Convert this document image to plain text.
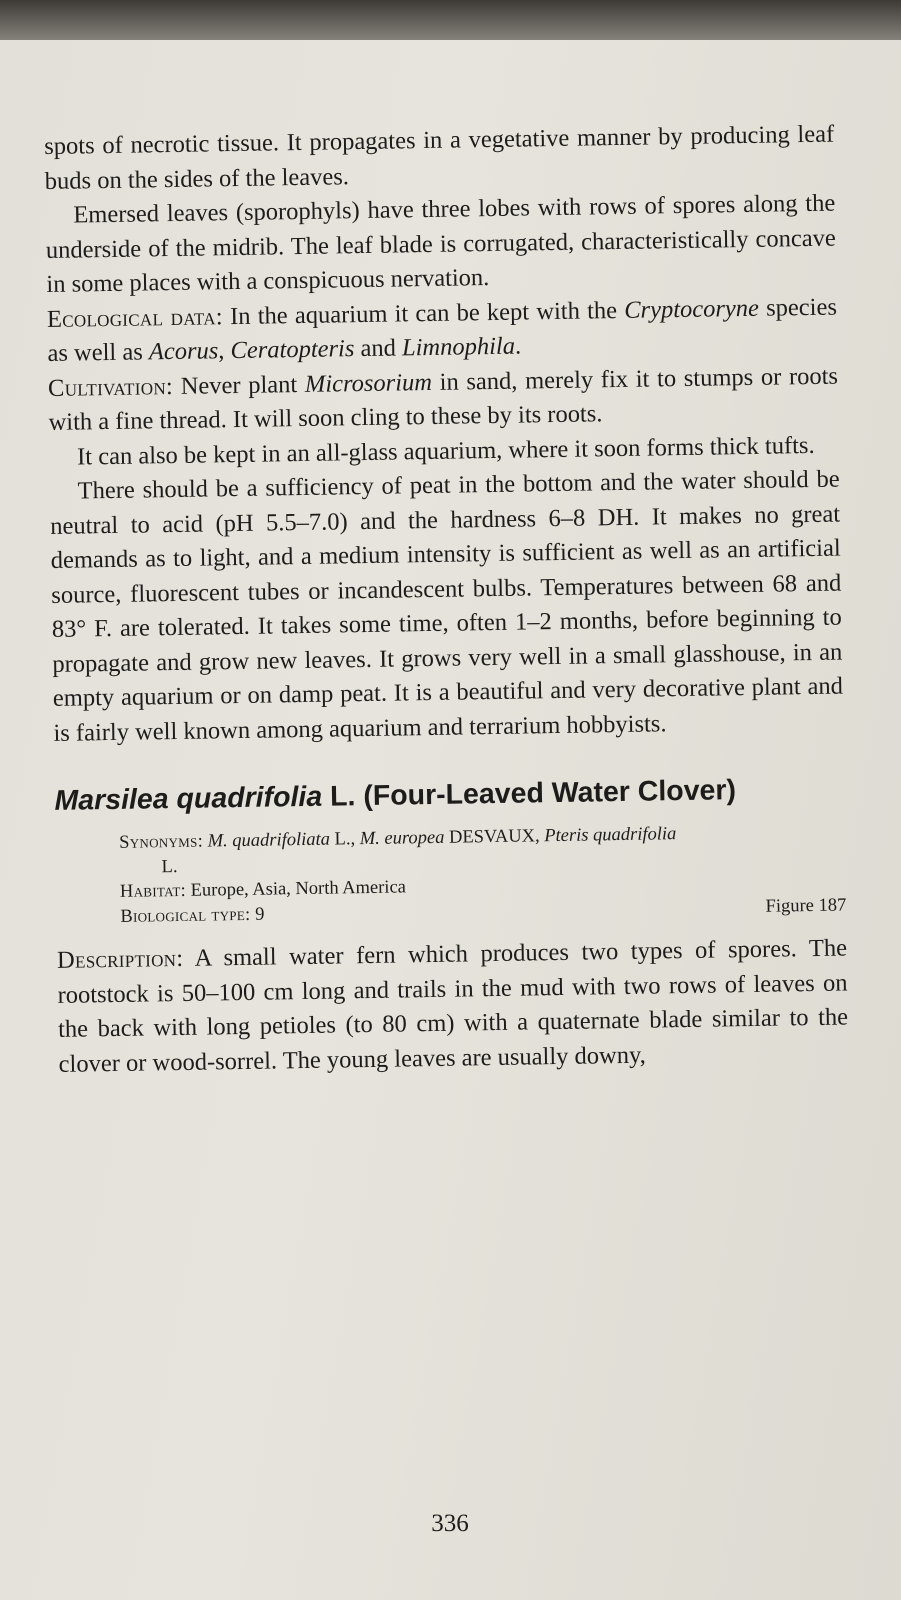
spots of necrotic tissue. It propagates in a vegetative manner by producing leaf buds on the sides of the leaves.

Emersed leaves (sporophyls) have three lobes with rows of spores along the underside of the midrib. The leaf blade is corrugated, characteristically concave in some places with a conspicuous nervation.

Ecological data: In the aquarium it can be kept with the Cryptocoryne species as well as Acorus, Ceratopteris and Limnophila.

Cultivation: Never plant Microsorium in sand, merely fix it to stumps or roots with a fine thread. It will soon cling to these by its roots.

It can also be kept in an all-glass aquarium, where it soon forms thick tufts.

There should be a sufficiency of peat in the bottom and the water should be neutral to acid (pH 5.5–7.0) and the hardness 6–8 DH. It makes no great demands as to light, and a medium intensity is sufficient as well as an artificial source, fluorescent tubes or incandescent bulbs. Temperatures between 68 and 83° F. are tolerated. It takes some time, often 1–2 months, before beginning to propagate and grow new leaves. It grows very well in a small glasshouse, in an empty aquarium or on damp peat. It is a beautiful and very decorative plant and is fairly well known among aquarium and terrarium hobbyists.

Marsilea quadrifolia L. (Four-Leaved Water Clover)
Synonyms: M. quadrifoliata L., M. europea DESVAUX, Pteris quadrifolia
L.
Habitat: Europe, Asia, North America
Biological type: 9	Figure 187

Description: A small water fern which produces two types of spores. The rootstock is 50–100 cm long and trails in the mud with two rows of leaves on the back with long petioles (to 80 cm) with a quaternate blade similar to the clover or wood-sorrel. The young leaves are usually downy,

336
